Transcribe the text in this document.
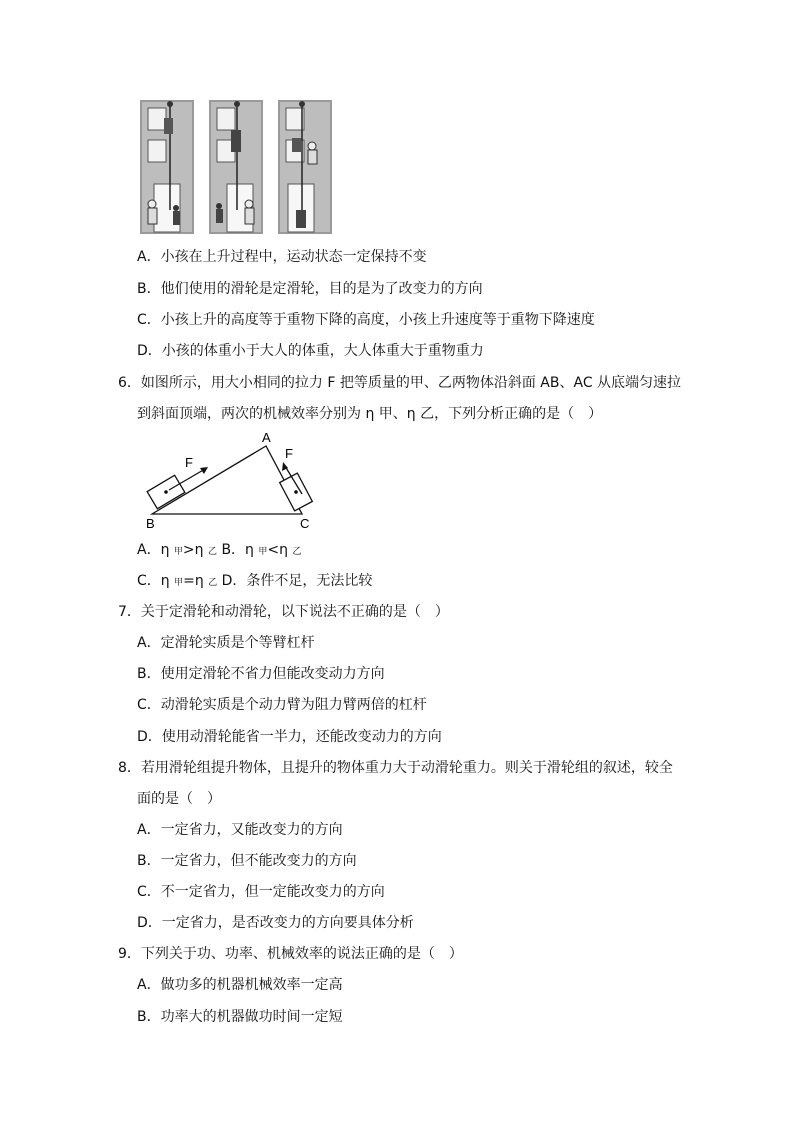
A．小孩在上升过程中，运动状态一定保持不变
B．他们使用的滑轮是定滑轮，目的是为了改变力的方向
C．小孩上升的高度等于重物下降的高度，小孩上升速度等于重物下降速度
D．小孩的体重小于大人的体重，大人体重大于重物重力
6．如图所示，用大小相同的拉力 F 把等质量的甲、乙两物体沿斜面 AB、AC 从底端匀速拉
到斜面顶端，两次的机械效率分别为 η 甲、η 乙，下列分析正确的是（　）
A
B	C
F
F
A．η 甲>η 乙 B．η 甲<η 乙
C．η 甲=η 乙 D．条件不足，无法比较
7．关于定滑轮和动滑轮，以下说法不正确的是（　）
A．定滑轮实质是个等臂杠杆
B．使用定滑轮不省力但能改变动力方向
C．动滑轮实质是个动力臂为阻力臂两倍的杠杆
D．使用动滑轮能省一半力，还能改变动力的方向
8．若用滑轮组提升物体，且提升的物体重力大于动滑轮重力。则关于滑轮组的叙述，较全
面的是（　）
A．一定省力，又能改变力的方向
B．一定省力，但不能改变力的方向
C．不一定省力，但一定能改变力的方向
D．一定省力，是否改变力的方向要具体分析
9．下列关于功、功率、机械效率的说法正确的是（　）
A．做功多的机器机械效率一定高
B．功率大的机器做功时间一定短
